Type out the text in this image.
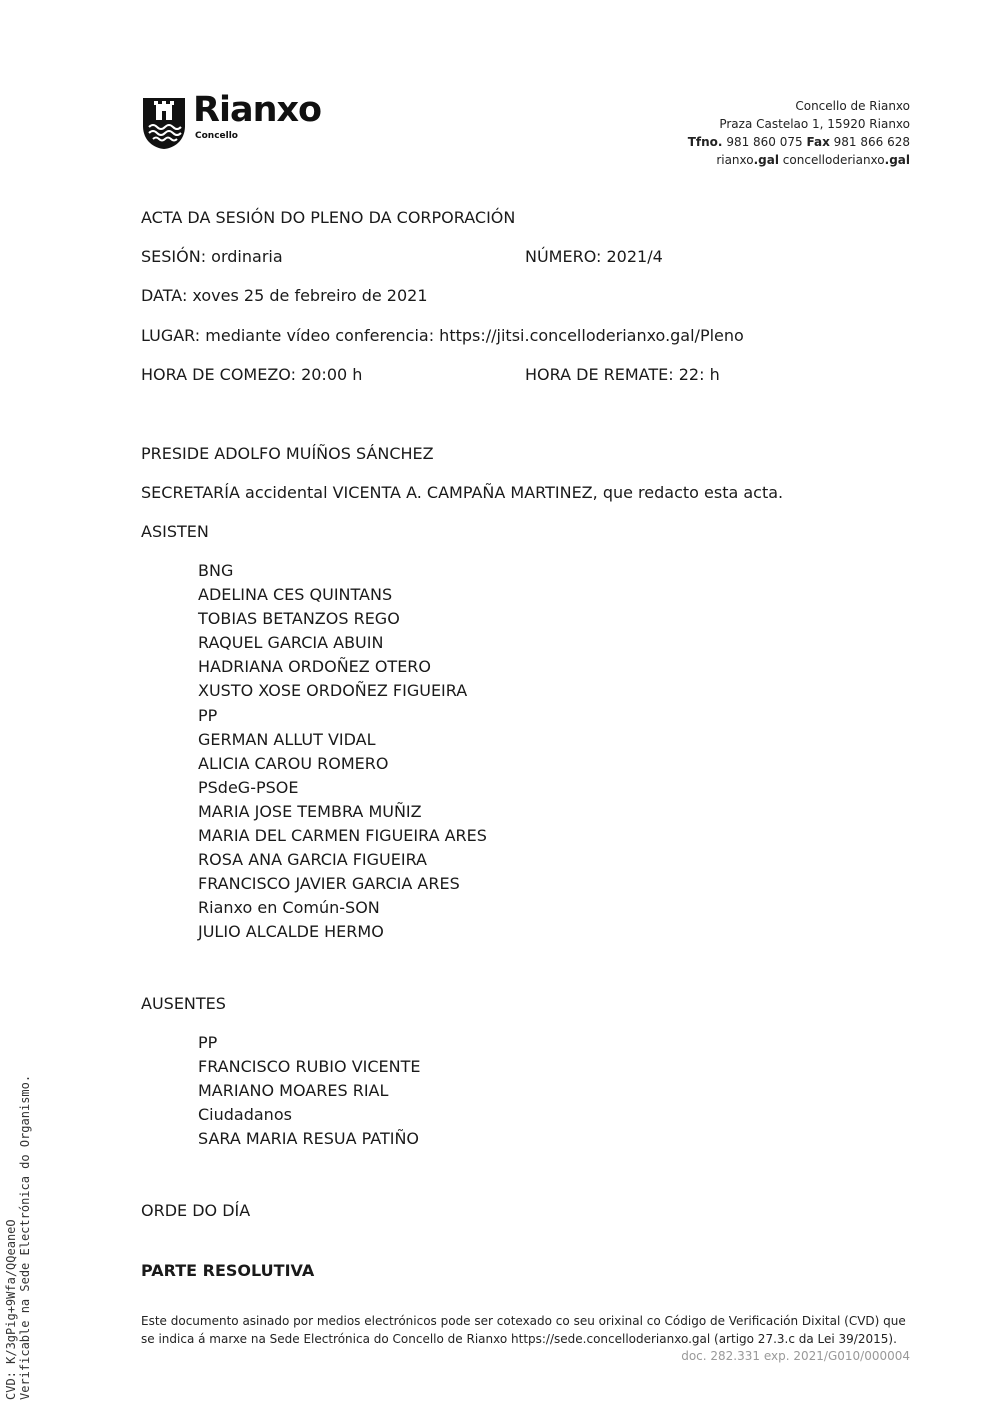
Rianxo
Concello
Concello de Rianxo
Praza Castelao 1, 15920 Rianxo
Tfno. 981 860 075 Fax 981 866 628
rianxo.gal concelloderianxo.gal
ACTA DA SESIÓN DO PLENO DA CORPORACIÓN
SESIÓN: ordinaria	NÚMERO: 2021/4
DATA: xoves 25 de febreiro de 2021
LUGAR: mediante vídeo conferencia: https://jitsi.concelloderianxo.gal/Pleno
HORA DE COMEZO: 20:00 h	HORA DE REMATE: 22: h
PRESIDE ADOLFO MUÍÑOS SÁNCHEZ
SECRETARÍA accidental VICENTA A. CAMPAÑA MARTINEZ, que redacto esta acta.
ASISTEN
BNG
ADELINA CES QUINTANS
TOBIAS BETANZOS REGO
RAQUEL GARCIA ABUIN
HADRIANA ORDOÑEZ OTERO
XUSTO XOSE ORDOÑEZ FIGUEIRA
PP
GERMAN ALLUT VIDAL
ALICIA CAROU ROMERO
PSdeG-PSOE
MARIA JOSE TEMBRA MUÑIZ
MARIA DEL CARMEN FIGUEIRA ARES
ROSA ANA GARCIA FIGUEIRA
FRANCISCO JAVIER GARCIA ARES
Rianxo en Común-SON
JULIO ALCALDE HERMO
AUSENTES
PP
FRANCISCO RUBIO VICENTE
MARIANO MOARES RIAL
Ciudadanos
SARA MARIA RESUA PATIÑO
ORDE DO DÍA
PARTE RESOLUTIVA
Este documento asinado por medios electrónicos pode ser cotexado co seu orixinal co Código de Verificación Dixital (CVD) que
se indica á marxe na Sede Electrónica do Concello de Rianxo https://sede.concelloderianxo.gal (artigo 27.3.c da Lei 39/2015).
doc. 282.331 exp. 2021/G010/000004
CVD: K/3gPig+9Wfa/QQeaneO Verificable na Sede Electrónica do Organismo.
